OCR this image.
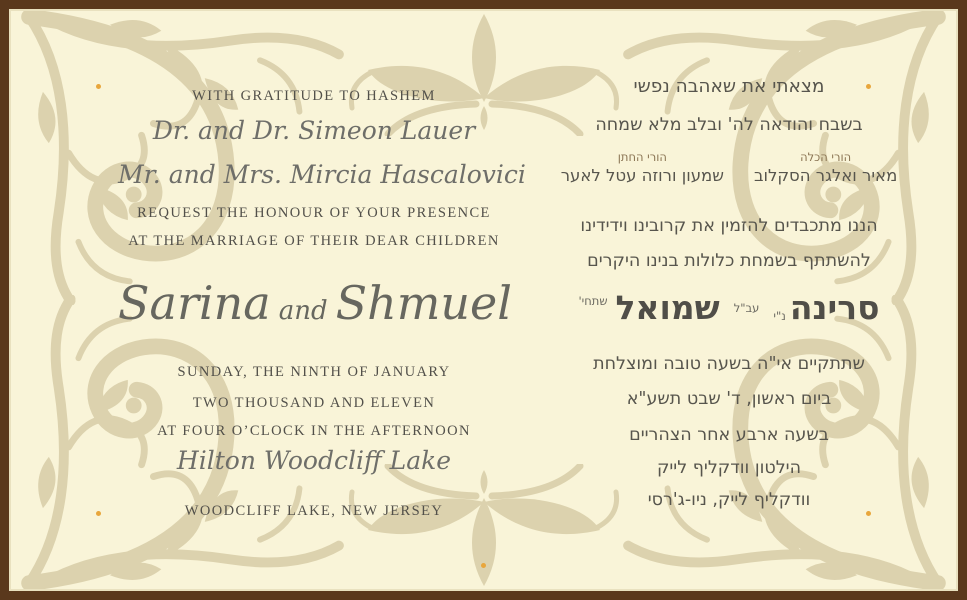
WITH GRATITUDE TO HASHEM
Dr. and Dr. Simeon Lauer
Mr. and Mrs. Mircia Hascalovici
REQUEST THE HONOUR OF YOUR PRESENCE
AT THE MARRIAGE OF THEIR DEAR CHILDREN
Sarina and Shmuel
SUNDAY, THE NINTH OF JANUARY
TWO THOUSAND AND ELEVEN
AT FOUR O’CLOCK IN THE AFTERNOON
Hilton Woodcliff Lake
WOODCLIFF LAKE, NEW JERSEY
מצאתי את שאהבה נפשי
בשבח והודאה לה' ובלב מלא שמחה
הורי הכלה
מאיר ואלגר הסקלוב
הורי החתן
שמעון ורוזה עטל לאער
הננו מתכבדים להזמין את קרובינו וידידינו
להשתתף בשמחת כלולות בנינו היקרים
סרינה
נ"י
עב"ל
שמואל
שתחי'
שתתקיים אי"ה בשעה טובה ומוצלחת
ביום ראשון, ד' שבט תשע"א
בשעה ארבע אחר הצהריים
הילטון וודקליף לייק
וודקליף לייק, ניו-ג'רסי
